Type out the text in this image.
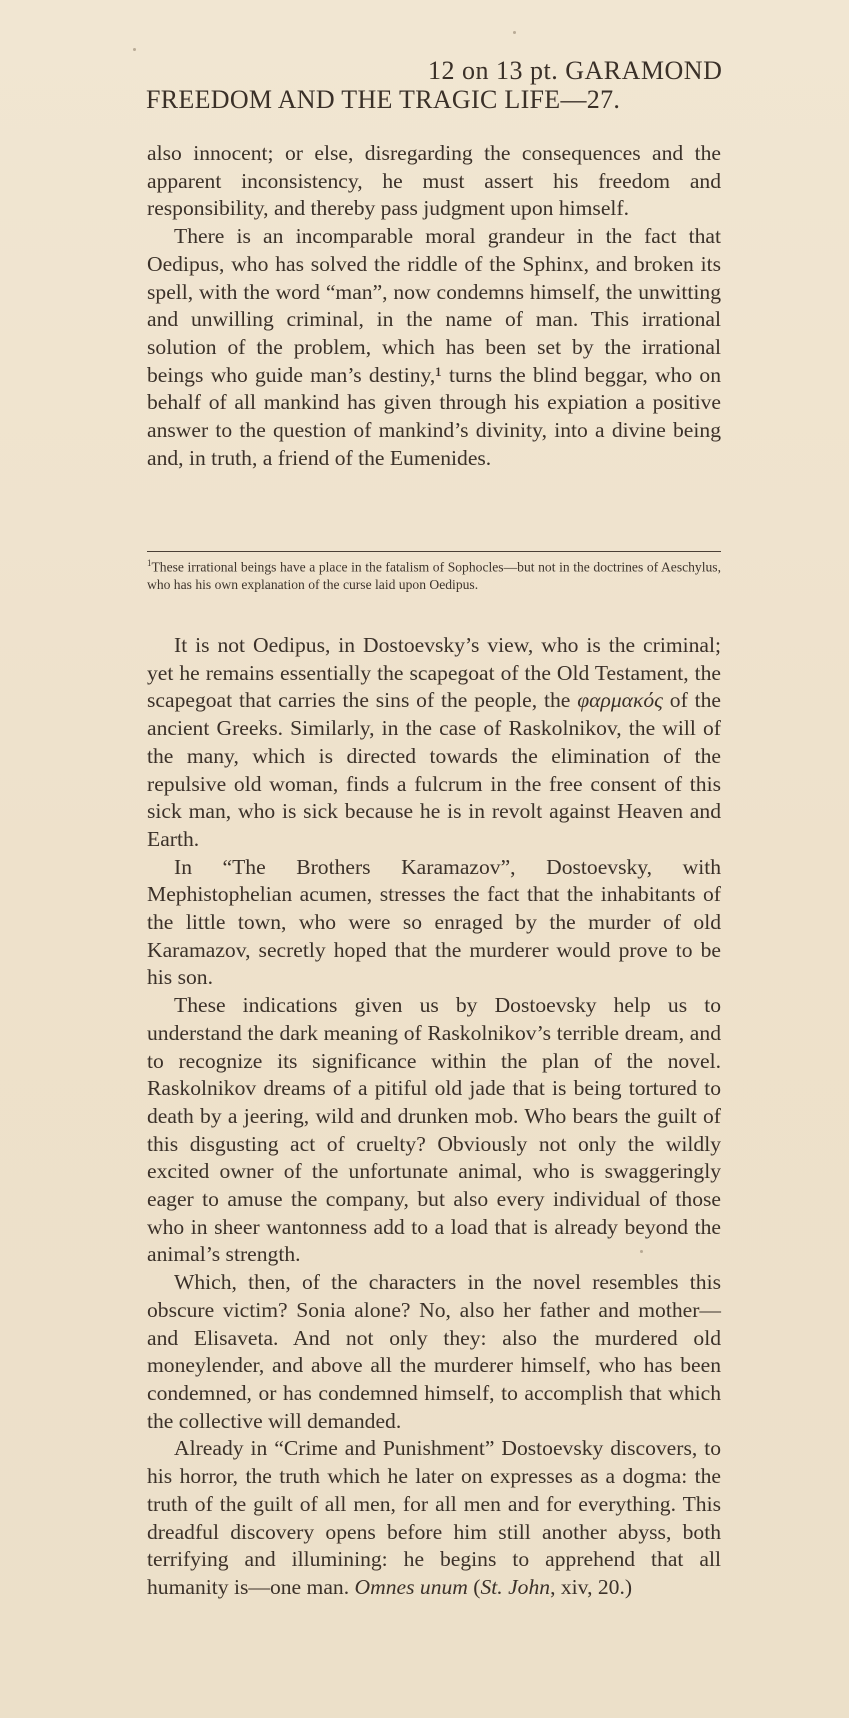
12 on 13 pt. GARAMOND
FREEDOM AND THE TRAGIC LIFE—27.

also innocent; or else, disregarding the consequences and the apparent inconsistency, he must assert his freedom and responsibility, and thereby pass judgment upon himself.

There is an incomparable moral grandeur in the fact that Oedipus, who has solved the riddle of the Sphinx, and broken its spell, with the word “man”, now condemns himself, the unwitting and unwilling criminal, in the name of man. This irrational solution of the problem, which has been set by the irrational beings who guide man’s destiny,¹ turns the blind beggar, who on behalf of all mankind has given through his expiation a positive answer to the question of mankind’s divinity, into a divine being and, in truth, a friend of the Eumenides.

$^1$These irrational beings have a place in the fatalism of Sophocles—but not in the doctrines of Aeschylus, who has his own explanation of the curse laid upon Oedipus.

It is not Oedipus, in Dostoevsky’s view, who is the criminal; yet he remains essentially the scapegoat of the Old Testament, the scapegoat that carries the sins of the people, the φαρμακός of the ancient Greeks. Similarly, in the case of Raskolnikov, the will of the many, which is directed towards the elimination of the repulsive old woman, finds a fulcrum in the free consent of this sick man, who is sick because he is in revolt against Heaven and Earth.

In “The Brothers Karamazov”, Dostoevsky, with Mephistophelian acumen, stresses the fact that the inhabitants of the little town, who were so enraged by the murder of old Karamazov, secretly hoped that the murderer would prove to be his son.

These indications given us by Dostoevsky help us to understand the dark meaning of Raskolnikov’s terrible dream, and to recognize its significance within the plan of the novel. Raskolnikov dreams of a pitiful old jade that is being tortured to death by a jeering, wild and drunken mob. Who bears the guilt of this disgusting act of cruelty? Obviously not only the wildly excited owner of the unfortunate animal, who is swaggeringly eager to amuse the company, but also every individual of those who in sheer wantonness add to a load that is already beyond the animal’s strength.

Which, then, of the characters in the novel resembles this obscure victim? Sonia alone? No, also her father and mother—and Elisaveta. And not only they: also the murdered old moneylender, and above all the murderer himself, who has been condemned, or has condemned himself, to accomplish that which the collective will demanded.

Already in “Crime and Punishment” Dostoevsky discovers, to his horror, the truth which he later on expresses as a dogma: the truth of the guilt of all men, for all men and for everything. This dreadful discovery opens before him still another abyss, both terrifying and illumining: he begins to apprehend that all humanity is—one man. Omnes unum (St. John, xiv, 20.)
